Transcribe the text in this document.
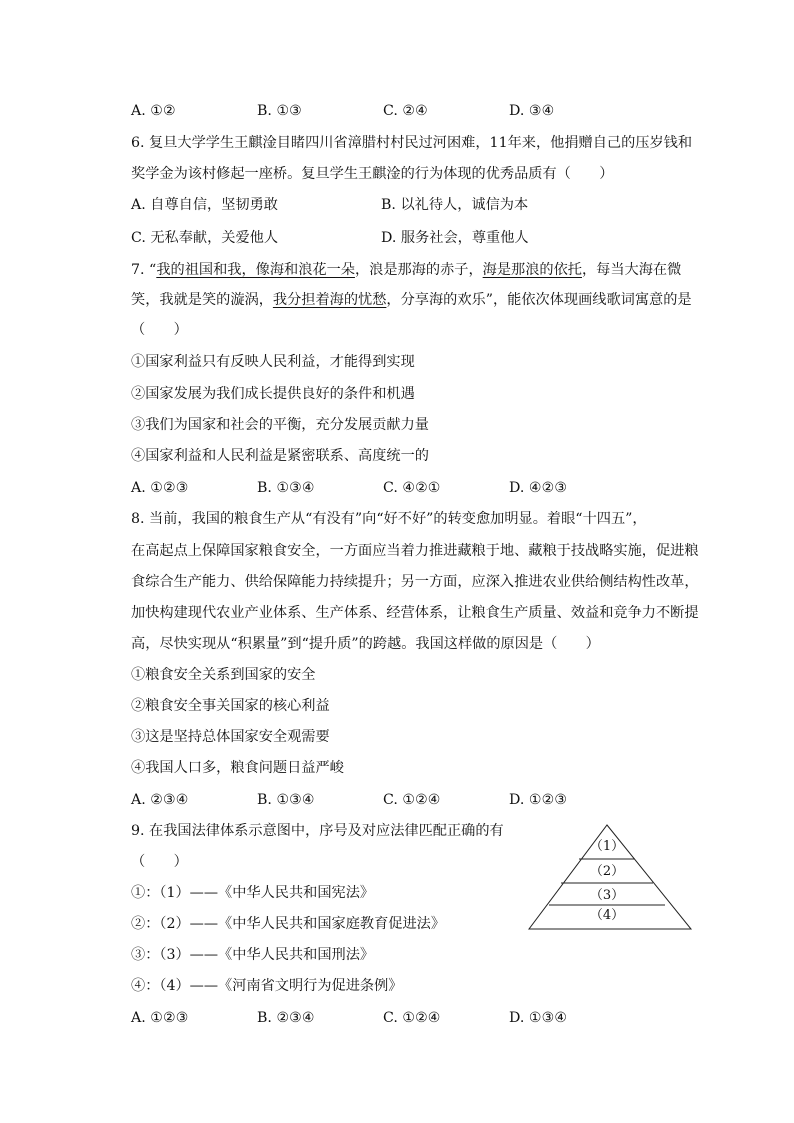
A. ①②	B. ①③	C. ②④	D. ③④
6. 复旦大学学生王麒淦目睹四川省漳腊村村民过河困难，11年来，他捐赠自己的压岁钱和
奖学金为该村修起一座桥。复旦学生王麒淦的行为体现的优秀品质有（　　）
A. 自尊自信，坚韧勇敢	B. 以礼待人，诚信为本
C. 无私奉献，关爱他人	D. 服务社会，尊重他人
7. “我的祖国和我，像海和浪花一朵，浪是那海的赤子，海是那浪的依托，每当大海在微
笑，我就是笑的漩涡，我分担着海的忧愁，分享海的欢乐”，能依次体现画线歌词寓意的是
（　　）
①国家利益只有反映人民利益，才能得到实现
②国家发展为我们成长提供良好的条件和机遇
③我们为国家和社会的平衡，充分发展贡献力量
④国家利益和人民利益是紧密联系、高度统一的
A. ①②③	B. ①③④	C. ④②①	D. ④②③
8. 当前，我国的粮食生产从“有没有”向“好不好”的转变愈加明显。着眼“十四五”，
在高起点上保障国家粮食安全，一方面应当着力推进藏粮于地、藏粮于技战略实施，促进粮
食综合生产能力、供给保障能力持续提升；另一方面，应深入推进农业供给侧结构性改革，
加快构建现代农业产业体系、生产体系、经营体系，让粮食生产质量、效益和竞争力不断提
高，尽快实现从“积累量”到“提升质”的跨越。我国这样做的原因是（　　）
①粮食安全关系到国家的安全
②粮食安全事关国家的核心利益
③这是坚持总体国家安全观需要
④我国人口多，粮食问题日益严峻
A. ②③④	B. ①③④	C. ①②④	D. ①②③
9. 在我国法律体系示意图中，序号及对应法律匹配正确的有
（　　）
①：（1）——《中华人民共和国宪法》
②：（2）——《中华人民共和国家庭教育促进法》
③：（3）——《中华人民共和国刑法》
④：（4）——《河南省文明行为促进条例》
A. ①②③	B. ②③④	C. ①②④	D. ①③④
（1）
（2）
（3）
（4）
